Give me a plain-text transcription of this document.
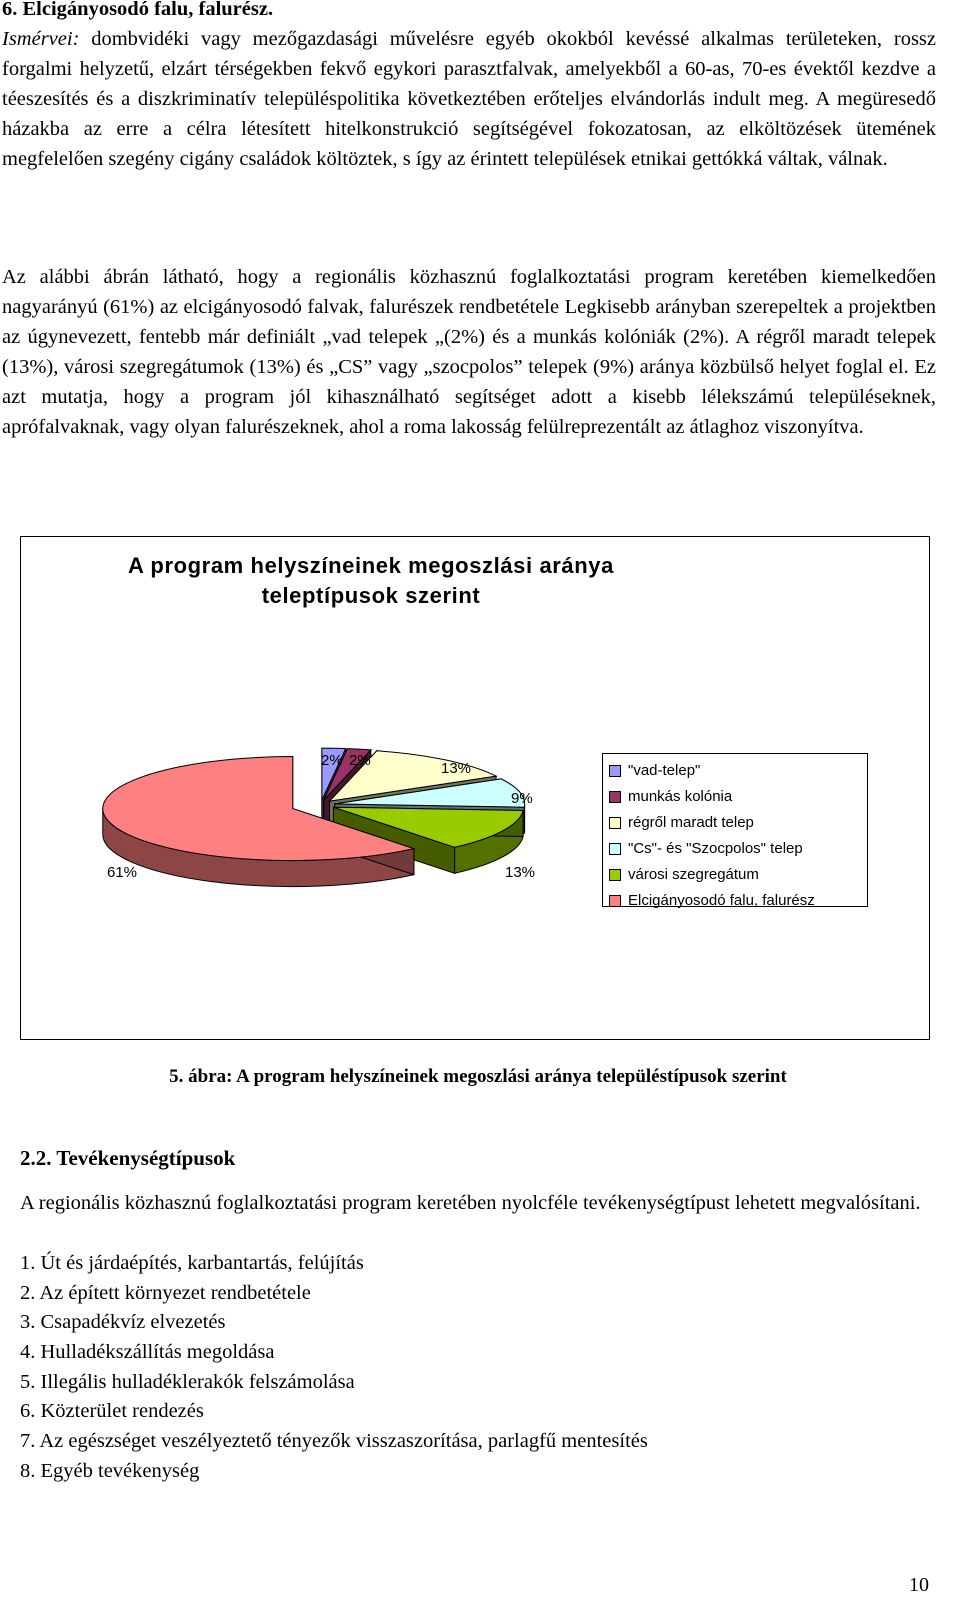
6. Elcigányosodó falu, falurész.

Ismérvei: dombvidéki vagy mezőgazdasági művelésre egyéb okokból kevéssé alkalmas területeken, rossz forgalmi helyzetű, elzárt térségekben fekvő egykori parasztfalvak, amelyekből a 60-as, 70-es évektől kezdve a téeszesítés és a diszkriminatív településpolitika következtében erőteljes elvándorlás indult meg. A megüresedő házakba az erre a célra létesített hitelkonstrukció segítségével fokozatosan, az elköltözések ütemének megfelelően szegény cigány családok költöztek, s így az érintett települések etnikai gettókká váltak, válnak.

Az alábbi ábrán látható, hogy a regionális közhasznú foglalkoztatási program keretében kiemelkedően nagyarányú (61%) az elcigányosodó falvak, falurészek rendbetétele Legkisebb arányban szerepeltek a projektben az úgynevezett, fentebb már definiált „vad telepek „(2%) és a munkás kolóniák (2%). A régről maradt telepek (13%), városi szegregátumok (13%) és „CS” vagy „szocpolos” telepek (9%) aránya közbülső helyet foglal el. Ez azt mutatja, hogy a program jól kihasználható segítséget adott a kisebb lélekszámú településeknek, aprófalvaknak, vagy olyan falurészeknek, ahol a roma lakosság felülreprezentált az átlaghoz viszonyítva.

A program helyszíneinek megoszlási aránya
teleptípusok szerint
2% 2%	13%
9%
13%
61%
"vad-telep"
munkás kolónia
régről maradt telep
"Cs"- és "Szocpolos" telep
városi szegregátum
Elcigányosodó falu, falurész
5. ábra: A program helyszíneinek megoszlási aránya településtípusok szerint
2.2. Tevékenységtípusok
A regionális közhasznú foglalkoztatási program keretében nyolcféle tevékenységtípust lehetett megvalósítani.
1. Út és járdaépítés, karbantartás, felújítás
2. Az épített környezet rendbetétele
3. Csapadékvíz elvezetés
4. Hulladékszállítás megoldása
5. Illegális hulladéklerakók felszámolása
6. Közterület rendezés
7. Az egészséget veszélyeztető tényezők visszaszorítása, parlagfű mentesítés
8. Egyéb tevékenység
10
